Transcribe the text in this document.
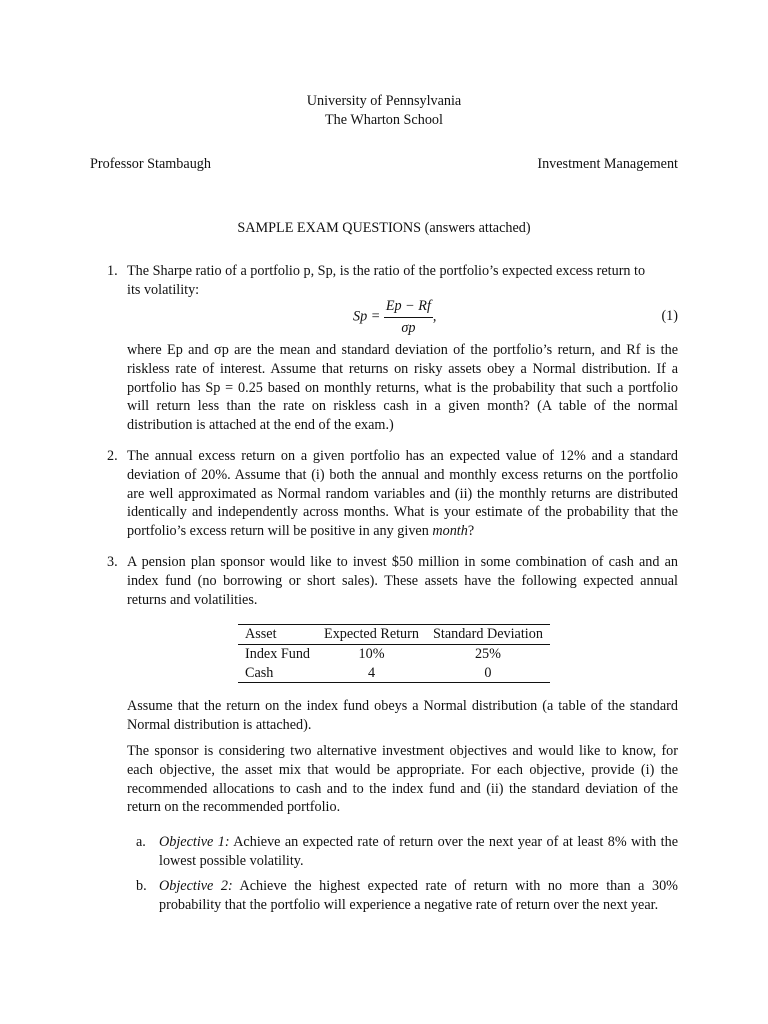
University of Pennsylvania
The Wharton School
Professor Stambaugh	Investment Management
SAMPLE EXAM QUESTIONS (answers attached)
1. The Sharpe ratio of a portfolio p, Sp, is the ratio of the portfolio’s expected excess return to
its volatility:
$Sp = \frac{Ep - Rf}{\sigma p}$ ,	(1)
where Ep and σp are the mean and standard deviation of the portfolio’s return, and Rf is the riskless rate of interest. Assume that returns on risky assets obey a Normal distribution. If a portfolio has Sp = 0.25 based on monthly returns, what is the probability that such a portfolio will return less than the rate on riskless cash in a given month? (A table of the normal distribution is attached at the end of the exam.)
2. The annual excess return on a given portfolio has an expected value of 12% and a standard deviation of 20%. Assume that (i) both the annual and monthly excess returns on the portfolio are well approximated as Normal random variables and (ii) the monthly returns are distributed identically and independently across months. What is your estimate of the probability that the portfolio’s excess return will be positive in any given month?
3. A pension plan sponsor would like to invest $50 million in some combination of cash and an index fund (no borrowing or short sales). These assets have the following expected annual returns and volatilities.
Asset	Expected Return	Standard Deviation
Index Fund	10%	25%
Cash	4	0
Assume that the return on the index fund obeys a Normal distribution (a table of the standard Normal distribution is attached).
The sponsor is considering two alternative investment objectives and would like to know, for each objective, the asset mix that would be appropriate. For each objective, provide (i) the recommended allocations to cash and to the index fund and (ii) the standard deviation of the return on the recommended portfolio.
a. Objective 1: Achieve an expected rate of return over the next year of at least 8% with the lowest possible volatility.
b. Objective 2: Achieve the highest expected rate of return with no more than a 30% probability that the portfolio will experience a negative rate of return over the next year.
